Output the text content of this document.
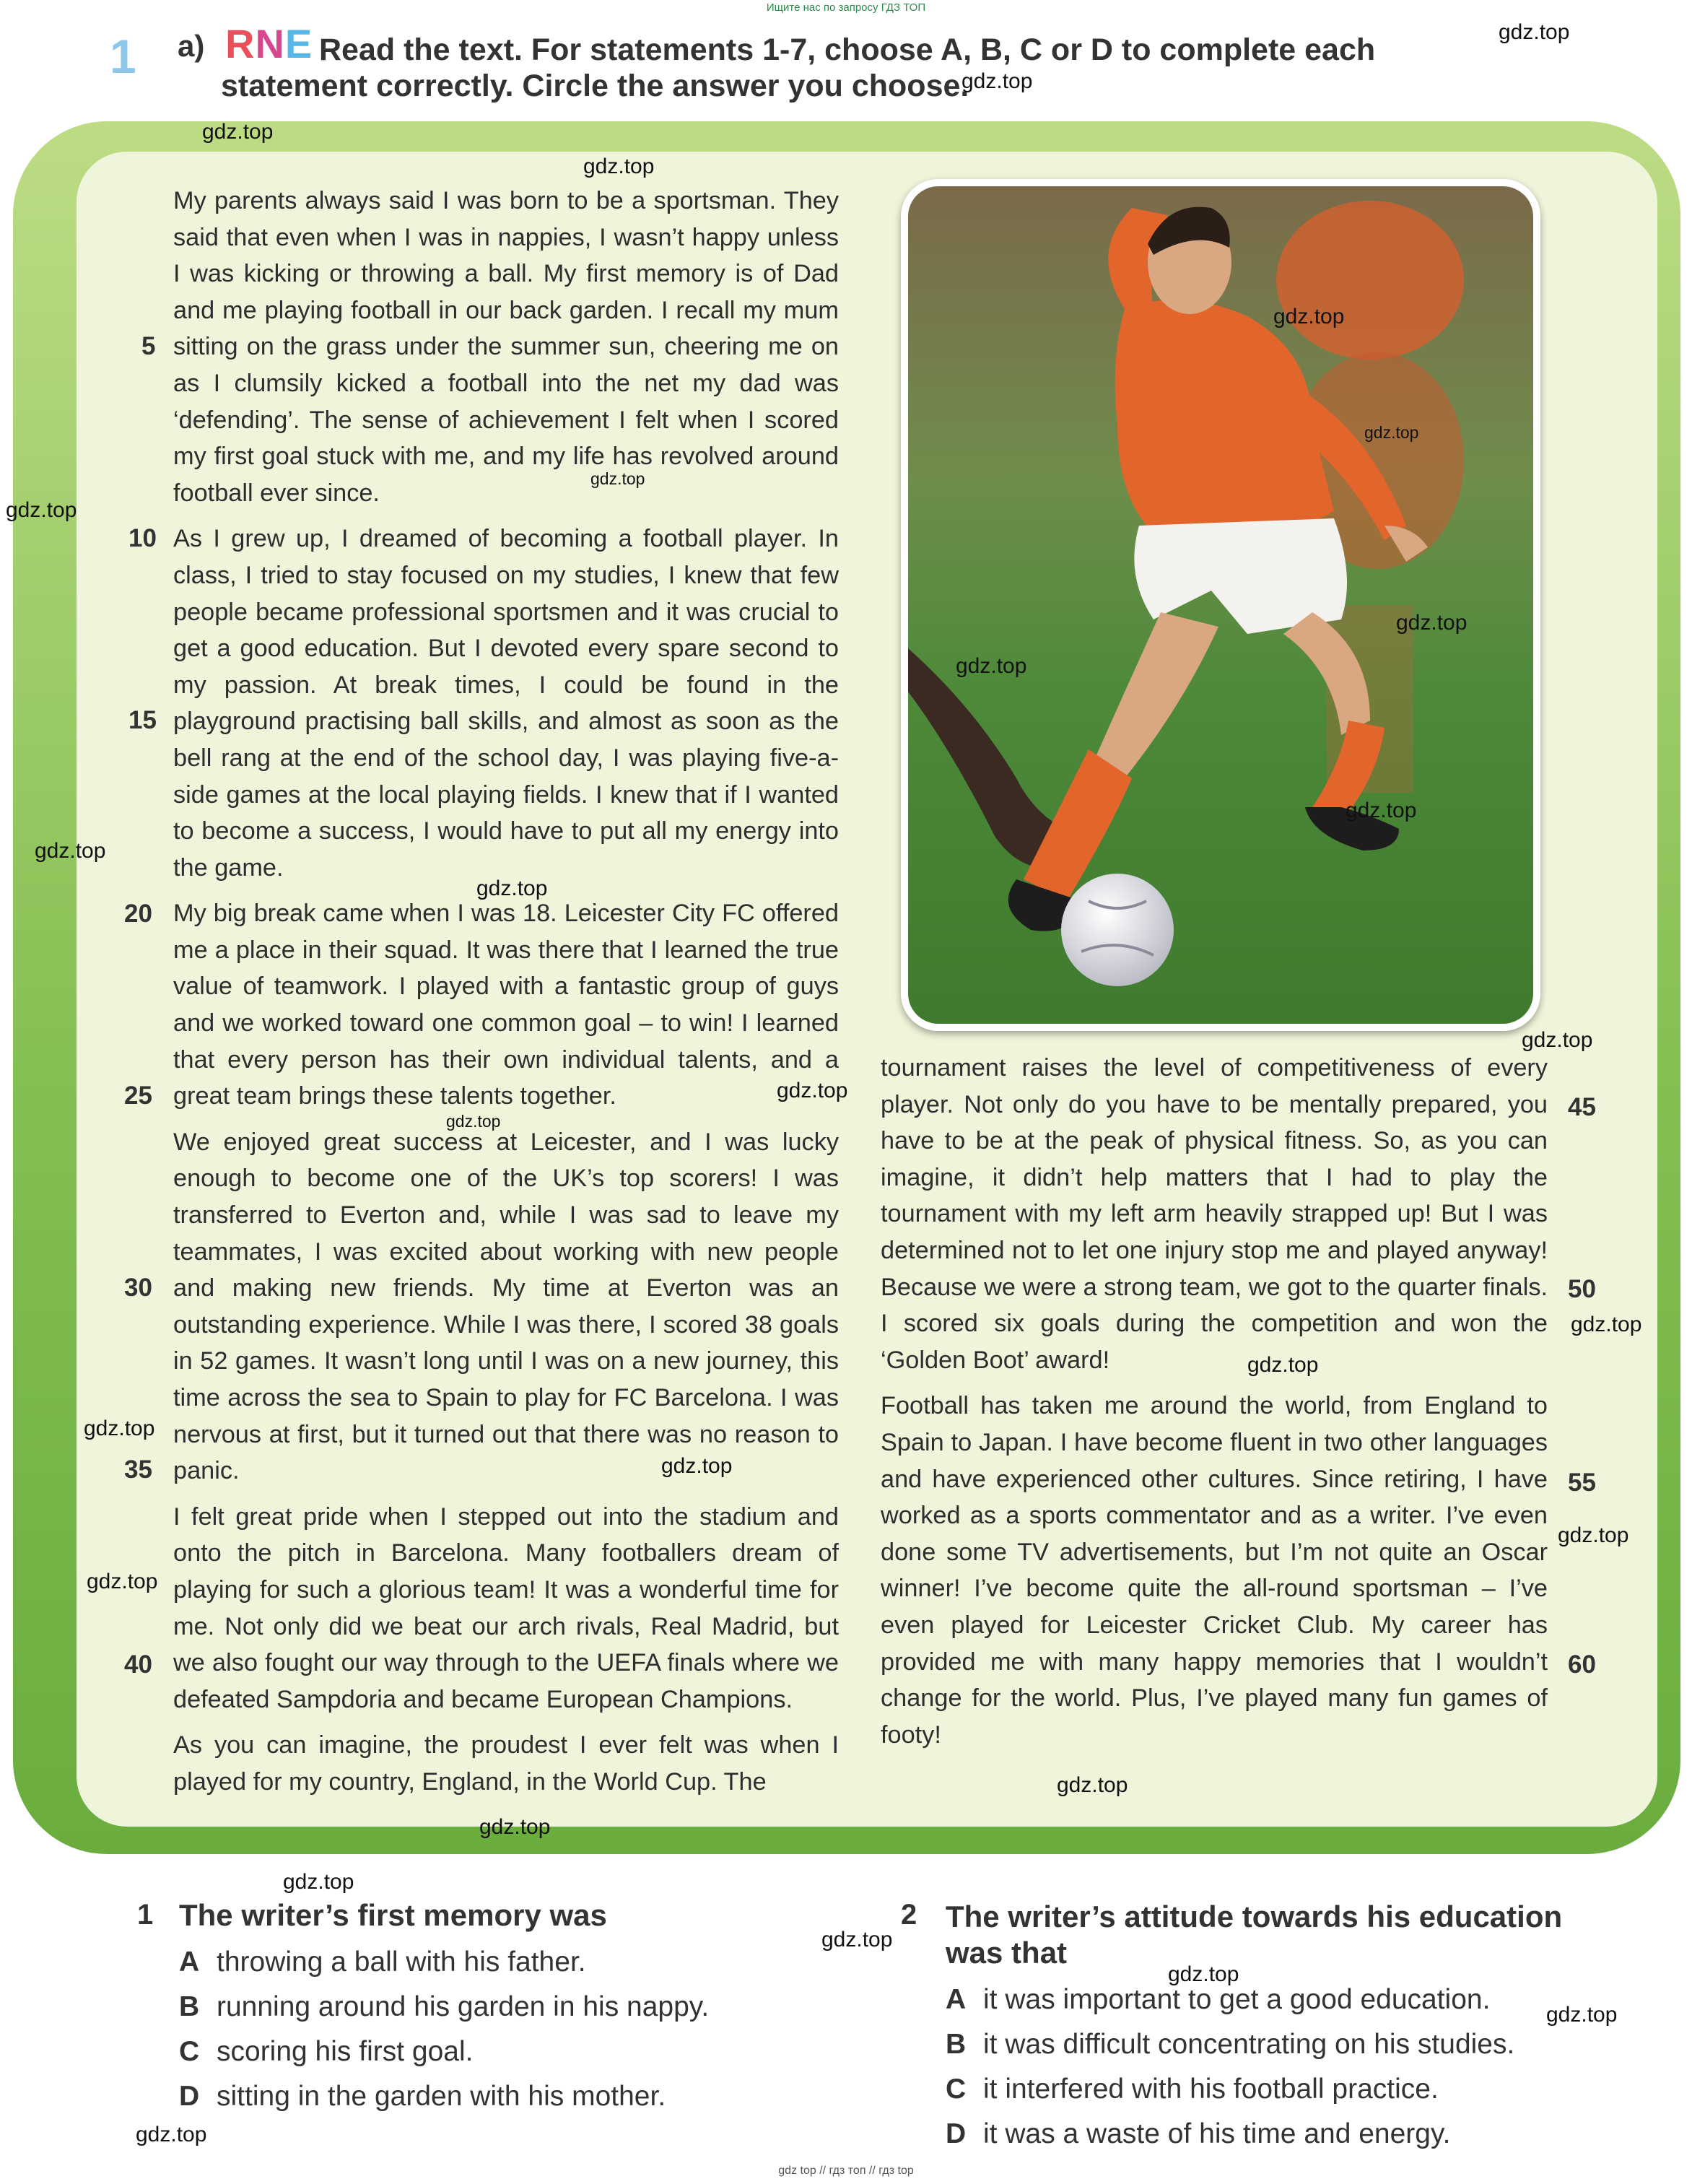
Ищите нас по запросу ГДЗ ТОП
1 a) RNE Read the text. For statements 1-7, choose A, B, C or D to complete each
statement correctly. Circle the answer you choose.

My parents always said I was born to be a sportsman. They said that even when I was in nappies, I wasn’t happy unless I was kicking or throwing a ball. My first memory is of Dad and me playing football in our back garden. I recall my mum sitting on the grass under the summer sun, cheering me on as I clumsily kicked a football into the net my dad was ‘defending’. The sense of achievement I felt when I scored my first goal stuck with me, and my life has revolved around football ever since.

As I grew up, I dreamed of becoming a football player. In class, I tried to stay focused on my studies, I knew that few people became professional sportsmen and it was crucial to get a good education. But I devoted every spare second to my passion. At break times, I could be found in the playground practising ball skills, and almost as soon as the bell rang at the end of the school day, I was playing five-a-side games at the local playing fields. I knew that if I wanted to become a success, I would have to put all my energy into the game.

My big break came when I was 18. Leicester City FC offered me a place in their squad. It was there that I learned the true value of teamwork. I played with a fantastic group of guys and we worked toward one common goal – to win! I learned that every person has their own individual talents, and a great team brings these talents together.

We enjoyed great success at Leicester, and I was lucky enough to become one of the UK’s top scorers! I was transferred to Everton and, while I was sad to leave my teammates, I was excited about working with new people and making new friends. My time at Everton was an outstanding experience. While I was there, I scored 38 goals in 52 games. It wasn’t long until I was on a new journey, this time across the sea to Spain to play for FC Barcelona. I was nervous at first, but it turned out that there was no reason to panic.

I felt great pride when I stepped out into the stadium and onto the pitch in Barcelona. Many footballers dream of playing for such a glorious team! It was a wonderful time for me. Not only did we beat our arch rivals, Real Madrid, but we also fought our way through to the UEFA finals where we defeated Sampdoria and became European Champions.

As you can imagine, the proudest I ever felt was when I played for my country, England, in the World Cup. The

tournament raises the level of competitiveness of every player. Not only do you have to be mentally prepared, you have to be at the peak of physical fitness. So, as you can imagine, it didn’t help matters that I had to play the tournament with my left arm heavily strapped up! But I was determined not to let one injury stop me and played anyway! Because we were a strong team, we got to the quarter finals. I scored six goals during the competition and won the ‘Golden Boot’ award!

Football has taken me around the world, from England to Spain to Japan. I have become fluent in two other languages and have experienced other cultures. Since retiring, I have worked as a sports commentator and as a writer. I’ve even done some TV advertisements, but I’m not quite an Oscar winner! I’ve become quite the all-round sportsman – I’ve even played for Leicester Cricket Club. My career has provided me with many happy memories that I wouldn’t change for the world. Plus, I’ve played many fun games of footy!

5
10
15
20
25
30
35
40
45
50
55
60
gdz.top
gdz.top
gdz.top
gdz.top
gdz.top
gdz.top
gdz.top
gdz.top
gdz.top
gdz.top
gdz.top
gdz.top
gdz.top
gdz.top
gdz.top
gdz.top
gdz.top
gdz.top
gdz.top
gdz.top
gdz.top
gdz.top
gdz.top
gdz.top
gdz.top
gdz.top
gdz.top
gdz.top
gdz.top
1 The writer’s first memory was
A throwing a ball with his father.
B running around his garden in his nappy.
C scoring his first goal.
D sitting in the garden with his mother.
2 The writer’s attitude towards his education
was that
A it was important to get a good education.
B it was difficult concentrating on his studies.
C it interfered with his football practice.
D it was a waste of his time and energy.
gdz top // гдз топ // гдз top
